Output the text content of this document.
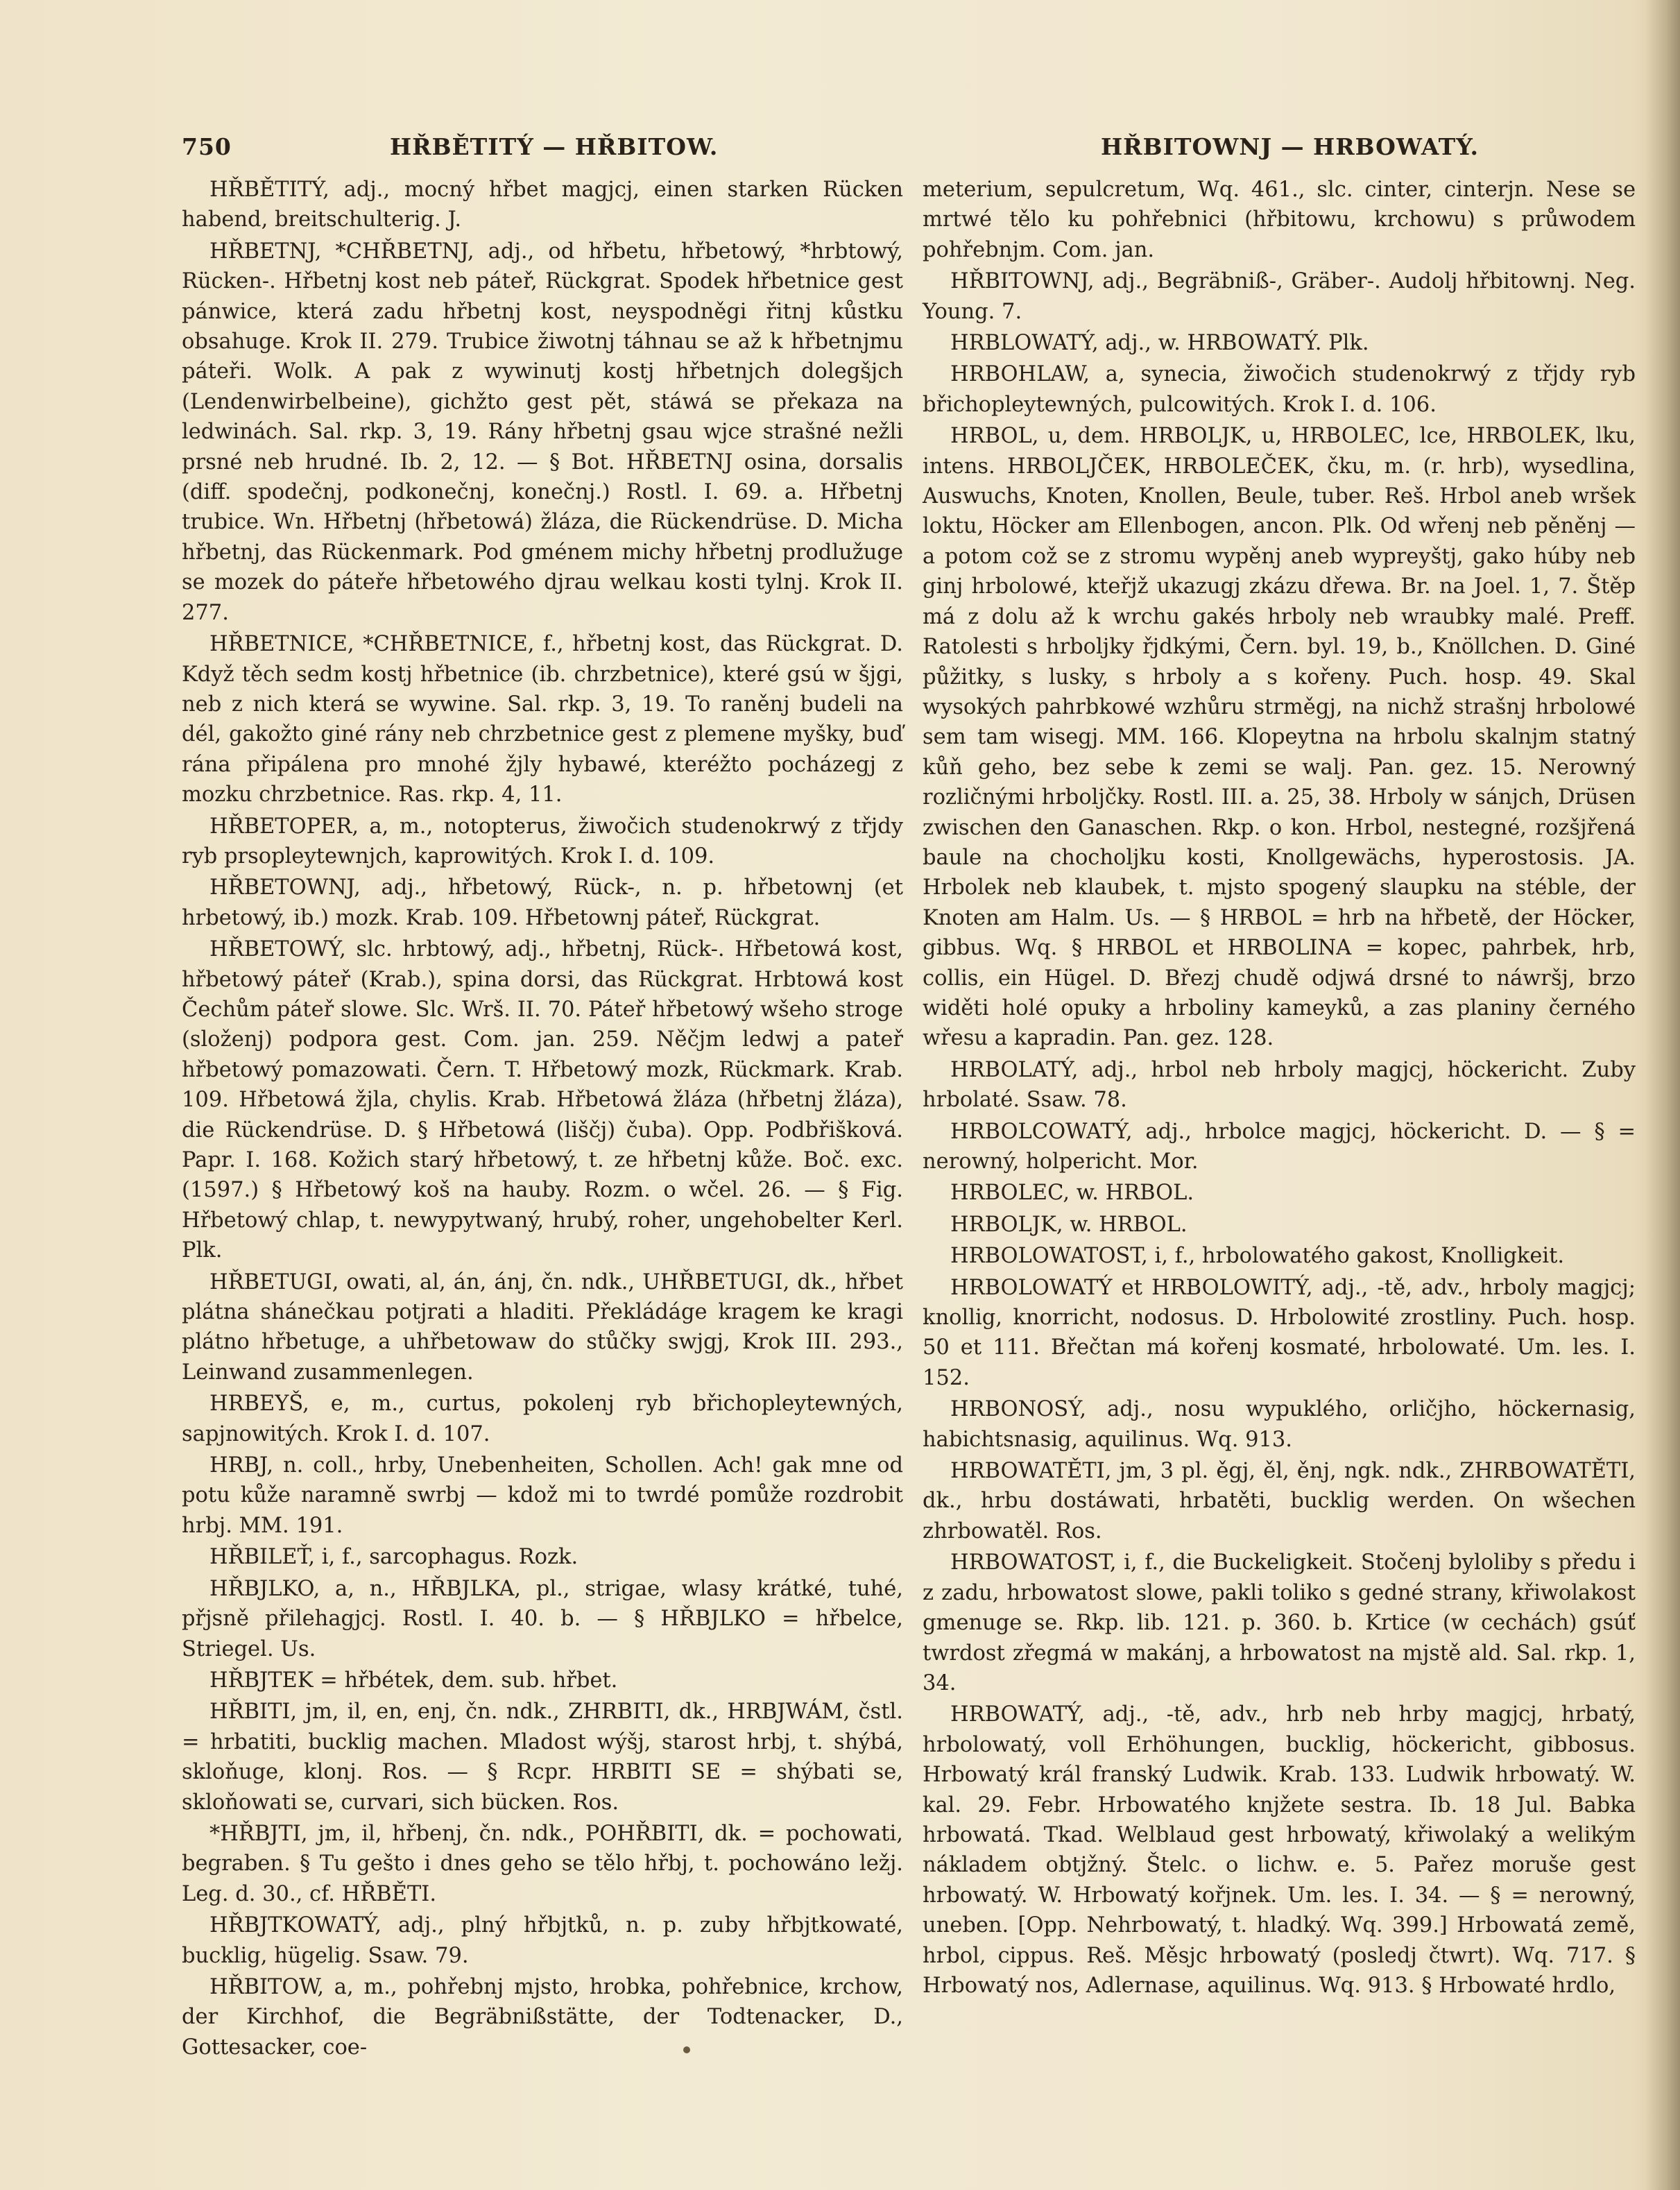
750	HŘBĚTITÝ — HŘBITOW.	HŘBITOWNJ — HRBOWATÝ.

HŘBĚTITÝ, adj., mocný hřbet magjcj, einen starken Rücken habend, breitschulterig. J.

HŘBETNJ, *CHŘBETNJ, adj., od hřbetu, hřbetowý, *hrbtowý, Rücken-. Hřbetnj kost neb páteř, Rückgrat. Spodek hřbetnice gest pánwice, která zadu hřbetnj kost, neyspodněgi řitnj kůstku obsahuge. Krok II. 279. Trubice žiwotnj táhnau se až k hřbetnjmu páteři. Wolk. A pak z wywinutj kostj hřbetnjch dolegšjch (Lendenwirbelbeine), gichžto gest pět, stáwá se překaza na ledwinách. Sal. rkp. 3, 19. Rány hřbetnj gsau wjce strašné nežli prsné neb hrudné. Ib. 2, 12. — § Bot. HŘBETNJ osina, dorsalis (diff. spodečnj, podkonečnj, konečnj.) Rostl. I. 69. a. Hřbetnj trubice. Wn. Hřbetnj (hřbetowá) žláza, die Rückendrüse. D. Micha hřbetnj, das Rückenmark. Pod gménem michy hřbetnj prodlužuge se mozek do páteře hřbetowého djrau welkau kosti tylnj. Krok II. 277.

HŘBETNICE, *CHŘBETNICE, f., hřbetnj kost, das Rückgrat. D. Když těch sedm kostj hřbetnice (ib. chrzbetnice), které gsú w šjgi, neb z nich která se wywine. Sal. rkp. 3, 19. To raněnj budeli na dél, gakožto giné rány neb chrzbetnice gest z plemene myšky, buď rána připálena pro mnohé žjly hybawé, kteréžto pocházegj z mozku chrzbetnice. Ras. rkp. 4, 11.

HŘBETOPER, a, m., notopterus, žiwočich studenokrwý z třjdy ryb prsopleytewnjch, kaprowitých. Krok I. d. 109.

HŘBETOWNJ, adj., hřbetowý, Rück-, n. p. hřbetownj (et hrbetowý, ib.) mozk. Krab. 109. Hřbetownj páteř, Rückgrat.

HŘBETOWÝ, slc. hrbtowý, adj., hřbetnj, Rück-. Hřbetowá kost, hřbetowý páteř (Krab.), spina dorsi, das Rückgrat. Hrbtowá kost Čechům páteř slowe. Slc. Wrš. II. 70. Páteř hřbetowý wšeho stroge (složenj) podpora gest. Com. jan. 259. Něčjm ledwj a pateř hřbetowý pomazowati. Čern. T. Hřbetowý mozk, Rückmark. Krab. 109. Hřbetowá žjla, chylis. Krab. Hřbetowá žláza (hřbetnj žláza), die Rückendrüse. D. § Hřbetowá (liščj) čuba). Opp. Podbřišková. Papr. I. 168. Kožich starý hřbetowý, t. ze hřbetnj kůže. Boč. exc. (1597.) § Hřbetowý koš na hauby. Rozm. o wčel. 26. — § Fig. Hřbetowý chlap, t. newypytwaný, hrubý, roher, ungehobelter Kerl. Plk.

HŘBETUGI, owati, al, án, ánj, čn. ndk., UHŘBETUGI, dk., hřbet plátna shánečkau potjrati a hladiti. Překládáge kragem ke kragi plátno hřbetuge, a uhřbetowaw do stůčky swjgj, Krok III. 293., Leinwand zusammenlegen.

HRBEYŠ, e, m., curtus, pokolenj ryb břichopleytewných, sapjnowitých. Krok I. d. 107.

HRBJ, n. coll., hrby, Unebenheiten, Schollen. Ach! gak mne od potu kůže naramně swrbj — kdož mi to twrdé pomůže rozdrobit hrbj. MM. 191.

HŘBILEŤ, i, f., sarcophagus. Rozk.

HŘBJLKO, a, n., HŘBJLKA, pl., strigae, wlasy krátké, tuhé, přjsně přilehagjcj. Rostl. I. 40. b. — § HŘBJLKO = hřbelce, Striegel. Us.

HŘBJTEK = hřbétek, dem. sub. hřbet.

HŘBITI, jm, il, en, enj, čn. ndk., ZHRBITI, dk., HRBJWÁM, čstl. = hrbatiti, bucklig machen. Mladost wýšj, starost hrbj, t. shýbá, skloňuge, klonj. Ros. — § Rcpr. HRBITI SE = shýbati se, skloňowati se, curvari, sich bücken. Ros.

*HŘBJTI, jm, il, hřbenj, čn. ndk., POHŘBITI, dk. = pochowati, begraben. § Tu gešto i dnes geho se tělo hřbj, t. pochowáno ležj. Leg. d. 30., cf. HŘBĚTI.

HŘBJTKOWATÝ, adj., plný hřbjtků, n. p. zuby hřbjtkowaté, bucklig, hügelig. Ssaw. 79.

HŘBITOW, a, m., pohřebnj mjsto, hrobka, pohřebnice, krchow, der Kirchhof, die Begräbnißstätte, der Todtenacker, D., Gottesacker, coe-

meterium, sepulcretum, Wq. 461., slc. cinter, cinterjn. Nese se mrtwé tělo ku pohřebnici (hřbitowu, krchowu) s průwodem pohřebnjm. Com. jan.

HŘBITOWNJ, adj., Begräbniß-, Gräber-. Audolj hřbitownj. Neg. Young. 7.

HRBLOWATÝ, adj., w. HRBOWATÝ. Plk.

HRBOHLAW, a, synecia, žiwočich studenokrwý z třjdy ryb břichopleytewných, pulcowitých. Krok I. d. 106.

HRBOL, u, dem. HRBOLJK, u, HRBOLEC, lce, HRBOLEK, lku, intens. HRBOLJČEK, HRBOLEČEK, čku, m. (r. hrb), wysedlina, Auswuchs, Knoten, Knollen, Beule, tuber. Reš. Hrbol aneb wršek loktu, Höcker am Ellenbogen, ancon. Plk. Od wřenj neb pěněnj — a potom což se z stromu wypěnj aneb wypreyštj, gako húby neb ginj hrbolowé, kteřjž ukazugj zkázu dřewa. Br. na Joel. 1, 7. Štěp má z dolu až k wrchu gakés hrboly neb wraubky malé. Preff. Ratolesti s hrboljky řjdkými, Čern. byl. 19, b., Knöllchen. D. Giné půžitky, s lusky, s hrboly a s kořeny. Puch. hosp. 49. Skal wysokých pahrbkowé wzhůru strměgj, na nichž strašnj hrbolowé sem tam wisegj. MM. 166. Klopeytna na hrbolu skalnjm statný kůň geho, bez sebe k zemi se walj. Pan. gez. 15. Nerowný rozličnými hrboljčky. Rostl. III. a. 25, 38. Hrboly w sánjch, Drüsen zwischen den Ganaschen. Rkp. o kon. Hrbol, nestegné, rozšjřená baule na chocholjku kosti, Knollgewächs, hyperostosis. JA. Hrbolek neb klaubek, t. mjsto spogený slaupku na stéble, der Knoten am Halm. Us. — § HRBOL = hrb na hřbetě, der Höcker, gibbus. Wq. § HRBOL et HRBOLINA = kopec, pahrbek, hrb, collis, ein Hügel. D. Březj chudě odjwá drsné to náwršj, brzo widěti holé opuky a hrboliny kameyků, a zas planiny černého wřesu a kapradin. Pan. gez. 128.

HRBOLATÝ, adj., hrbol neb hrboly magjcj, höckericht. Zuby hrbolaté. Ssaw. 78.

HRBOLCOWATÝ, adj., hrbolce magjcj, höckericht. D. — § = nerowný, holpericht. Mor.

HRBOLEC, w. HRBOL.

HRBOLJK, w. HRBOL.

HRBOLOWATOST, i, f., hrbolowatého gakost, Knolligkeit.

HRBOLOWATÝ et HRBOLOWITÝ, adj., -tě, adv., hrboly magjcj; knollig, knorricht, nodosus. D. Hrbolowité zrostliny. Puch. hosp. 50 et 111. Břečtan má kořenj kosmaté, hrbolowaté. Um. les. I. 152.

HRBONOSÝ, adj., nosu wypuklého, orličjho, höckernasig, habichtsnasig, aquilinus. Wq. 913.

HRBOWATĚTI, jm, 3 pl. ěgj, ěl, ěnj, ngk. ndk., ZHRBOWATĚTI, dk., hrbu dostáwati, hrbatěti, bucklig werden. On wšechen zhrbowatěl. Ros.

HRBOWATOST, i, f., die Buckeligkeit. Stočenj byloliby s předu i z zadu, hrbowatost slowe, pakli toliko s gedné strany, křiwolakost gmenuge se. Rkp. lib. 121. p. 360. b. Krtice (w cechách) gsúť twrdost zřegmá w makánj, a hrbowatost na mjstě ald. Sal. rkp. 1, 34.

HRBOWATÝ, adj., -tě, adv., hrb neb hrby magjcj, hrbatý, hrbolowatý, voll Erhöhungen, bucklig, höckericht, gibbosus. Hrbowatý král franský Ludwik. Krab. 133. Ludwik hrbowatý. W. kal. 29. Febr. Hrbowatého knjžete sestra. Ib. 18 Jul. Babka hrbowatá. Tkad. Welblaud gest hrbowatý, křiwolaký a welikým nákladem obtjžný. Štelc. o lichw. e. 5. Pařez moruše gest hrbowatý. W. Hrbowatý kořjnek. Um. les. I. 34. — § = nerowný, uneben. [Opp. Nehrbowatý, t. hladký. Wq. 399.] Hrbowatá země, hrbol, cippus. Reš. Měsjc hrbowatý (posledj čtwrt). Wq. 717. § Hrbowatý nos, Adlernase, aquilinus. Wq. 913. § Hrbowaté hrdlo,
